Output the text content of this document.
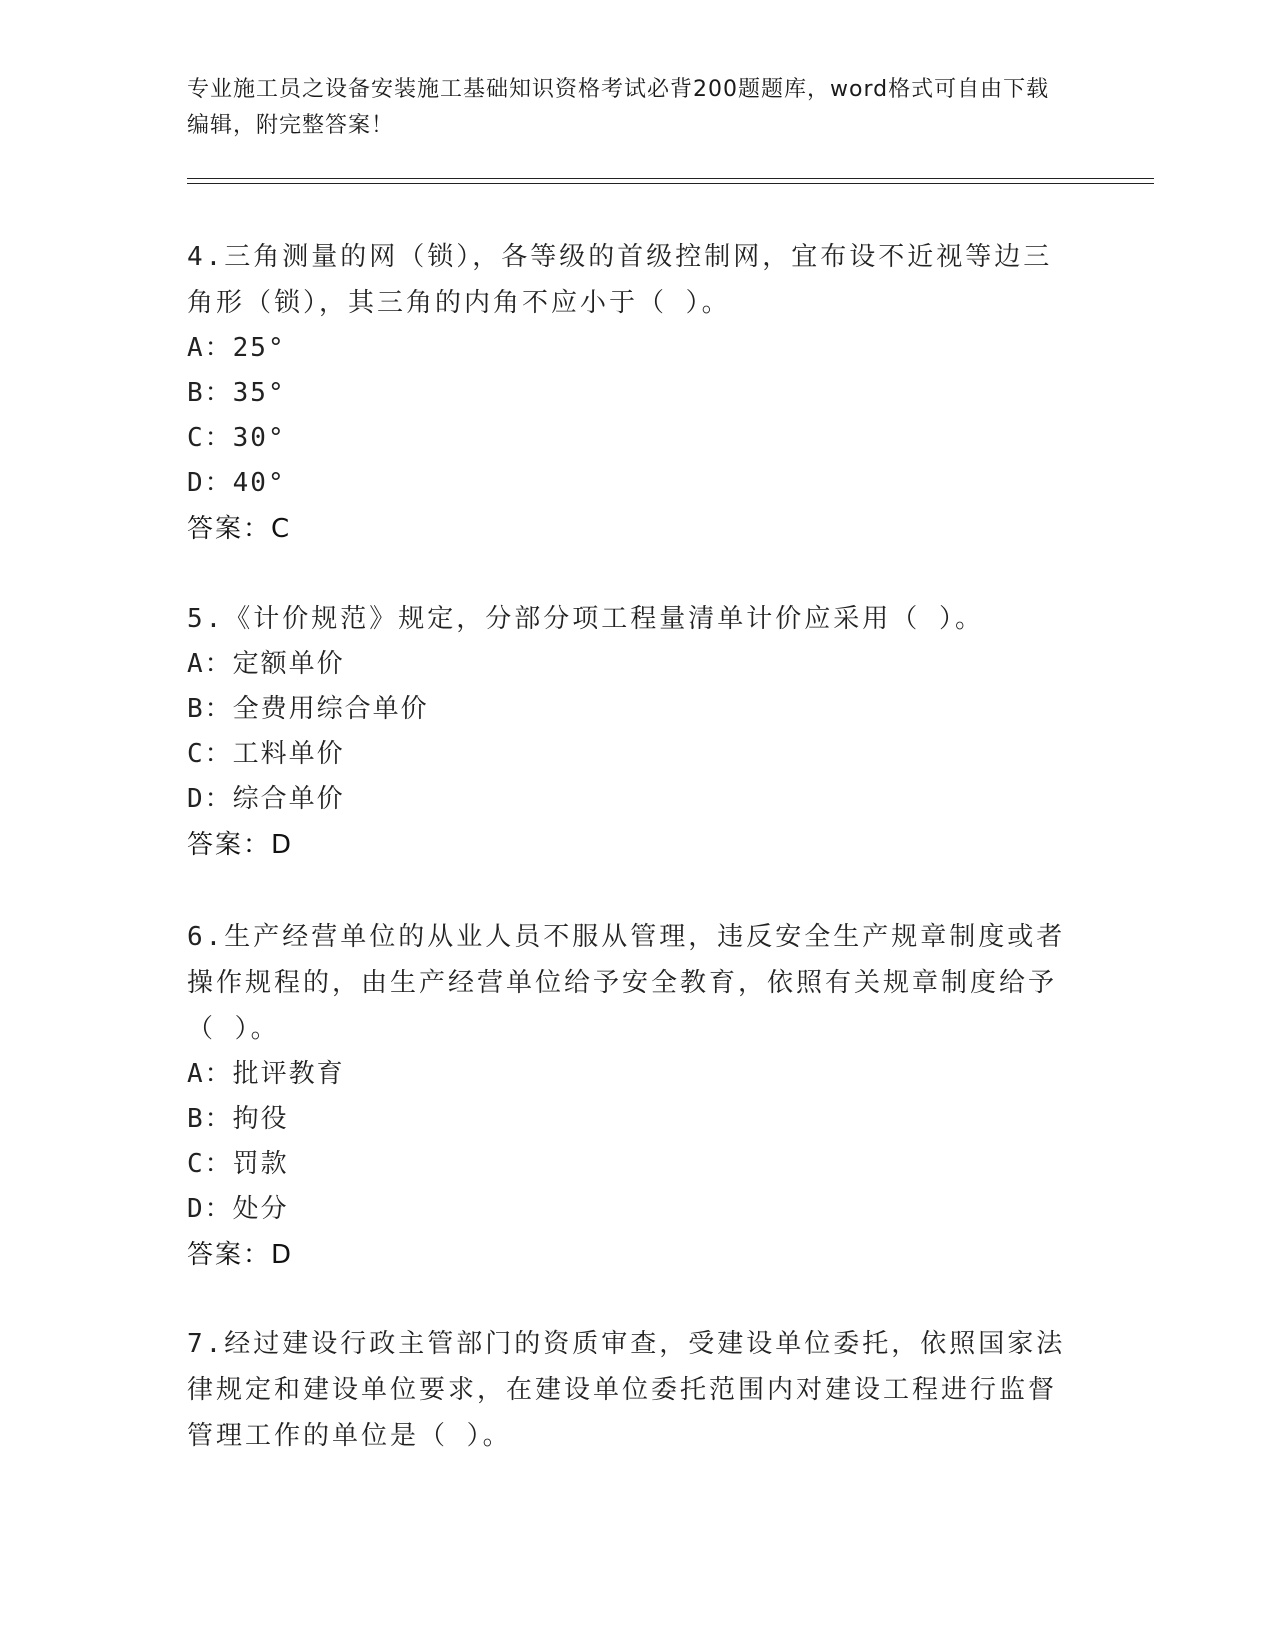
专业施工员之设备安装施工基础知识资格考试必背200题题库，word格式可自由下载编辑，附完整答案！
4.三角测量的网（锁），各等级的首级控制网，宜布设不近视等边三角形（锁），其三角的内角不应小于（ ）。
A：25°
B：35°
C：30°
D：40°
答案：C
5.《计价规范》规定，分部分项工程量清单计价应采用（ ）。
A：定额单价
B：全费用综合单价
C：工料单价
D：综合单价
答案：D
6.生产经营单位的从业人员不服从管理，违反安全生产规章制度或者操作规程的，由生产经营单位给予安全教育，依照有关规章制度给予（ ）。
A：批评教育
B：拘役
C：罚款
D：处分
答案：D
7.经过建设行政主管部门的资质审查，受建设单位委托，依照国家法律规定和建设单位要求，在建设单位委托范围内对建设工程进行监督管理工作的单位是（ ）。
